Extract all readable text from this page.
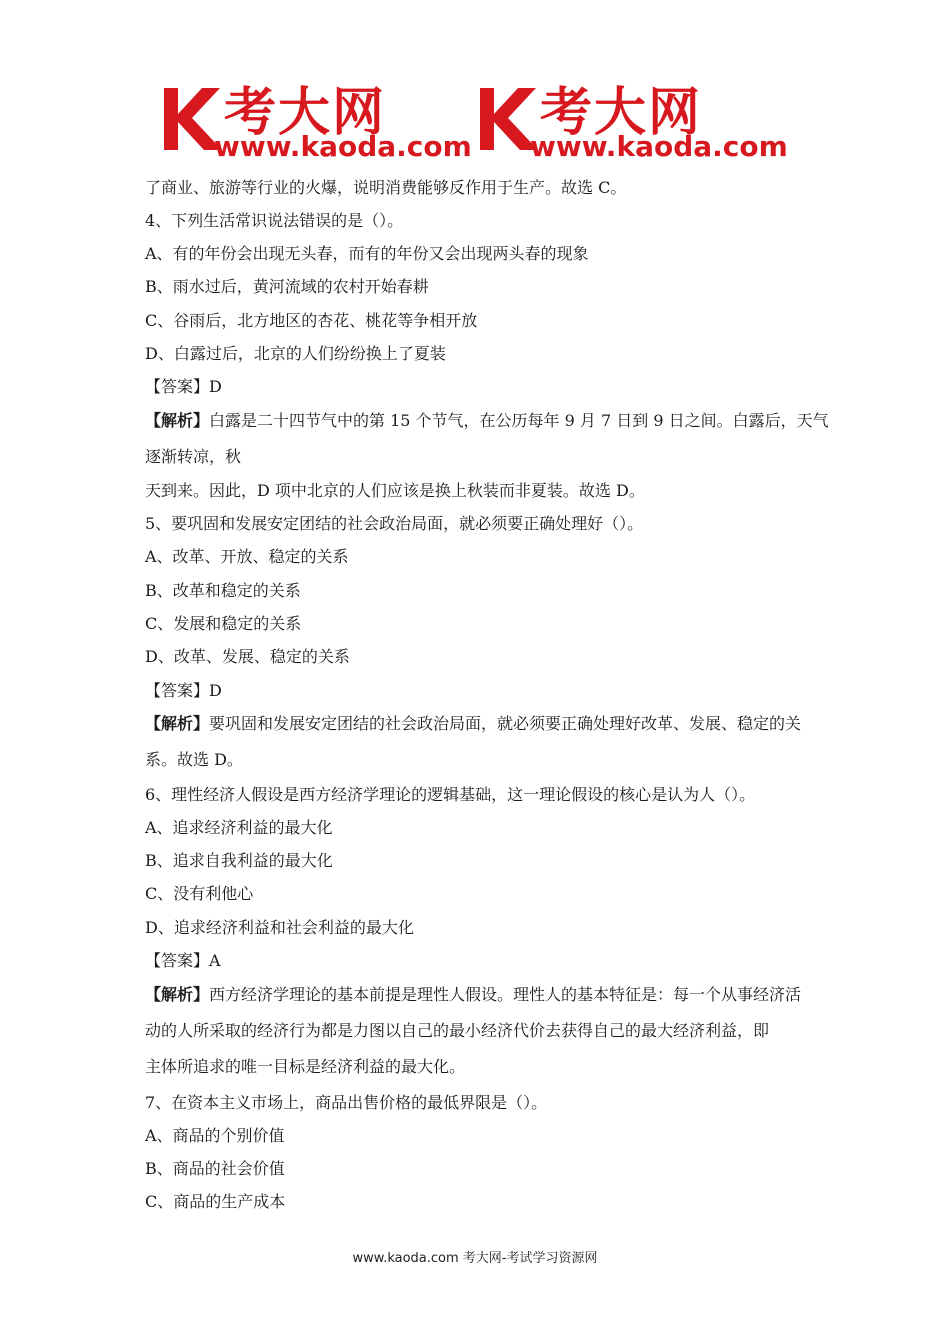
考大网
www.kaoda.com
考大网
www.kaoda.com
了商业、旅游等行业的火爆，说明消费能够反作用于生产。故选 C。
4、下列生活常识说法错误的是（）。
A、有的年份会出现无头春，而有的年份又会出现两头春的现象
B、雨水过后，黄河流域的农村开始春耕
C、谷雨后，北方地区的杏花、桃花等争相开放
D、白露过后，北京的人们纷纷换上了夏装
【答案】D
【解析】白露是二十四节气中的第 15 个节气，在公历每年 9 月 7 日到 9 日之间。白露后，天气
逐渐转凉，秋
天到来。因此，D 项中北京的人们应该是换上秋装而非夏装。故选 D。
5、要巩固和发展安定团结的社会政治局面，就必须要正确处理好（）。
A、改革、开放、稳定的关系
B、改革和稳定的关系
C、发展和稳定的关系
D、改革、发展、稳定的关系
【答案】D
【解析】要巩固和发展安定团结的社会政治局面，就必须要正确处理好改革、发展、稳定的关
系。故选 D。
6、理性经济人假设是西方经济学理论的逻辑基础，这一理论假设的核心是认为人（）。
A、追求经济利益的最大化
B、追求自我利益的最大化
C、没有利他心
D、追求经济利益和社会利益的最大化
【答案】A
【解析】西方经济学理论的基本前提是理性人假设。理性人的基本特征是：每一个从事经济活
动的人所采取的经济行为都是力图以自己的最小经济代价去获得自己的最大经济利益，即
主体所追求的唯一目标是经济利益的最大化。
7、在资本主义市场上，商品出售价格的最低界限是（）。
A、商品的个别价值
B、商品的社会价值
C、商品的生产成本
www.kaoda.com 考大网-考试学习资源网
